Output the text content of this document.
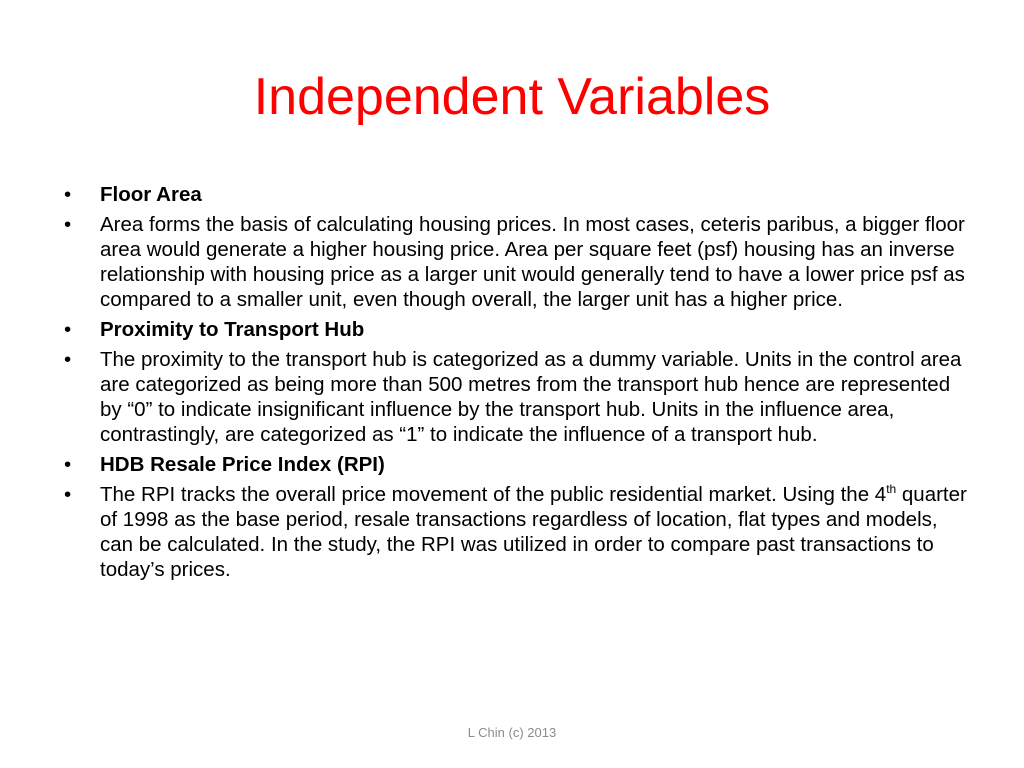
Independent Variables
•	Floor Area
•	Area forms the basis of calculating housing prices. In most cases, ceteris paribus, a bigger floor area would generate a higher housing price. Area per square feet (psf) housing has an inverse relationship with housing price as a larger unit would generally tend to have a lower price psf as compared to a smaller unit, even though overall, the larger unit has a higher price.
•	Proximity to Transport Hub
•	The proximity to the transport hub is categorized as a dummy variable. Units in the control area are categorized as being more than 500 metres from the transport hub hence are represented by “0” to indicate insignificant influence by the transport hub. Units in the influence area, contrastingly, are categorized as “1” to indicate the influence of a transport hub.
•	HDB Resale Price Index (RPI)
•	The RPI tracks the overall price movement of the public residential market. Using the 4th quarter of 1998 as the base period, resale transactions regardless of location, flat types and models, can be calculated. In the study, the RPI was utilized in order to compare past transactions to today’s prices.
L Chin (c) 2013
